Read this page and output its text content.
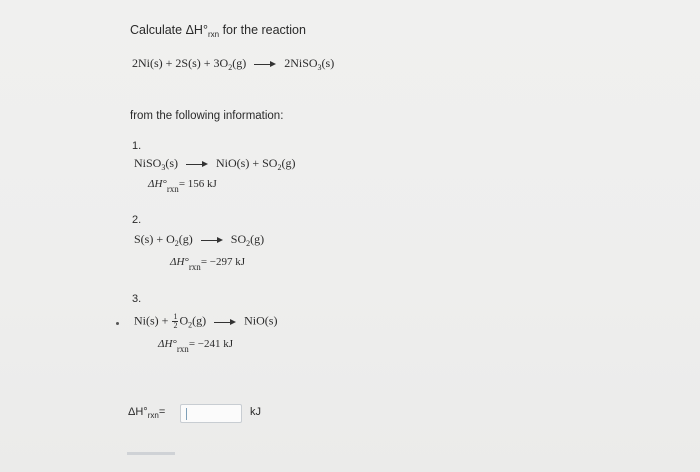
Calculate $\Delta H^\circ_{rxn}$ for the reaction
$2Ni(s) + 2S(s) + 3O_2(g)$	2NiSO$_3$(s)
from the following information:
1.
NiSO$_3$(s)	$NiO(s) + SO_2(g)$
$\Delta H^\circ_{rxn}= 156$ kJ
2.
$S(s) + O_2(g)$	$SO_2(g)$
$\Delta H^\circ_{rxn}= -297$ kJ
3.
$Ni(s) + \frac{1}{2} O_2(g)$	NiO(s)
$\Delta H^\circ_{rxn}= -241$ kJ
$\Delta H^\circ_{rxn}=$	kJ
